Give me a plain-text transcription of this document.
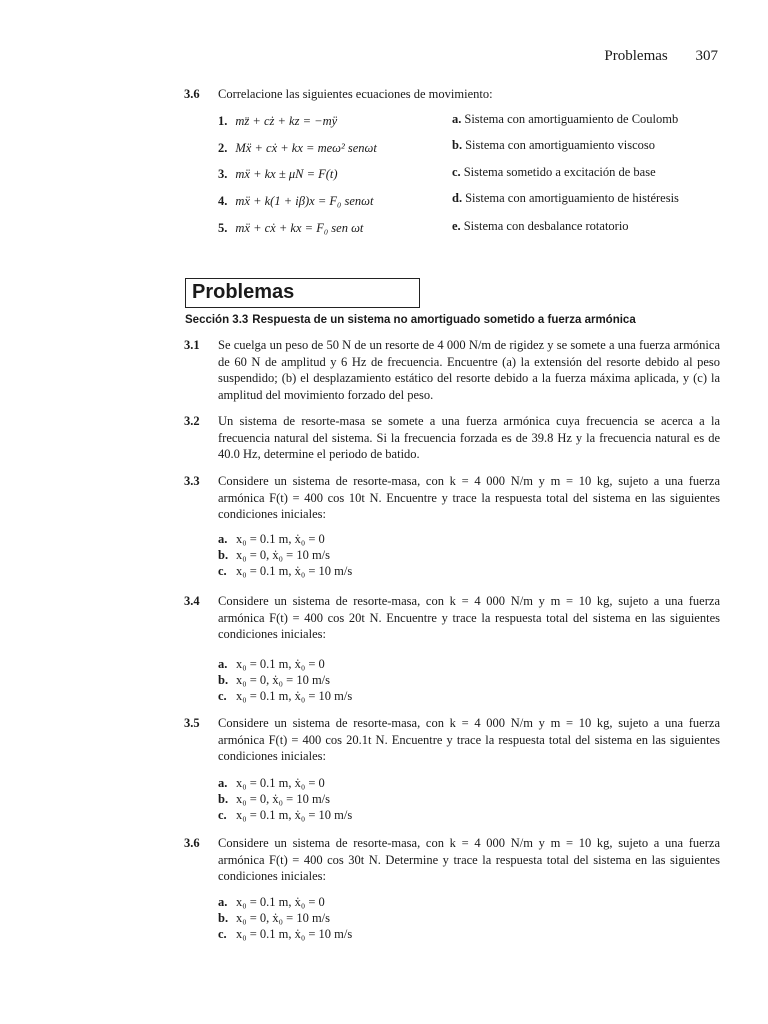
Problemas 307
3.6 Correlacione las siguientes ecuaciones de movimiento:
1. mz̈ + cż + kz = −mÿ
2. Mẍ + cẋ + kx = meω² senωt
3. mẍ + kx ± μN = F(t)
4. mẍ + k(1 + iβ)x = F₀ senωt
5. mẍ + cẋ + kx = F₀ sen ωt
a. Sistema con amortiguamiento de Coulomb
b. Sistema con amortiguamiento viscoso
c. Sistema sometido a excitación de base
d. Sistema con amortiguamiento de histéresis
e. Sistema con desbalance rotatorio
Problemas
Sección 3.3 Respuesta de un sistema no amortiguado sometido a fuerza armónica
3.1 Se cuelga un peso de 50 N de un resorte de 4 000 N/m de rigidez y se somete a una fuerza armónica de 60 N de amplitud y 6 Hz de frecuencia. Encuentre (a) la extensión del resorte debido al peso suspendido; (b) el desplazamiento estático del resorte debido a la fuerza máxima aplicada, y (c) la amplitud del movimiento forzado del peso.
3.2 Un sistema de resorte-masa se somete a una fuerza armónica cuya frecuencia se acerca a la frecuencia natural del sistema. Si la frecuencia forzada es de 39.8 Hz y la frecuencia natural es de 40.0 Hz, determine el periodo de batido.
3.3 Considere un sistema de resorte-masa, con k = 4 000 N/m y m = 10 kg, sujeto a una fuerza armónica F(t) = 400 cos 10t N. Encuentre y trace la respuesta total del sistema en las siguientes condiciones iniciales:
a. x₀ = 0.1 m, ẋ₀ = 0
b. x₀ = 0, ẋ₀ = 10 m/s
c. x₀ = 0.1 m, ẋ₀ = 10 m/s
3.4 Considere un sistema de resorte-masa, con k = 4 000 N/m y m = 10 kg, sujeto a una fuerza armónica F(t) = 400 cos 20t N. Encuentre y trace la respuesta total del sistema en las siguientes condiciones iniciales:
a. x₀ = 0.1 m, ẋ₀ = 0
b. x₀ = 0, ẋ₀ = 10 m/s
c. x₀ = 0.1 m, ẋ₀ = 10 m/s
3.5 Considere un sistema de resorte-masa, con k = 4 000 N/m y m = 10 kg, sujeto a una fuerza armónica F(t) = 400 cos 20.1t N. Encuentre y trace la respuesta total del sistema en las siguientes condiciones iniciales:
a. x₀ = 0.1 m, ẋ₀ = 0
b. x₀ = 0, ẋ₀ = 10 m/s
c. x₀ = 0.1 m, ẋ₀ = 10 m/s
3.6 Considere un sistema de resorte-masa, con k = 4 000 N/m y m = 10 kg, sujeto a una fuerza armónica F(t) = 400 cos 30t N. Determine y trace la respuesta total del sistema en las siguientes condiciones iniciales:
a. x₀ = 0.1 m, ẋ₀ = 0
b. x₀ = 0, ẋ₀ = 10 m/s
c. x₀ = 0.1 m, ẋ₀ = 10 m/s
